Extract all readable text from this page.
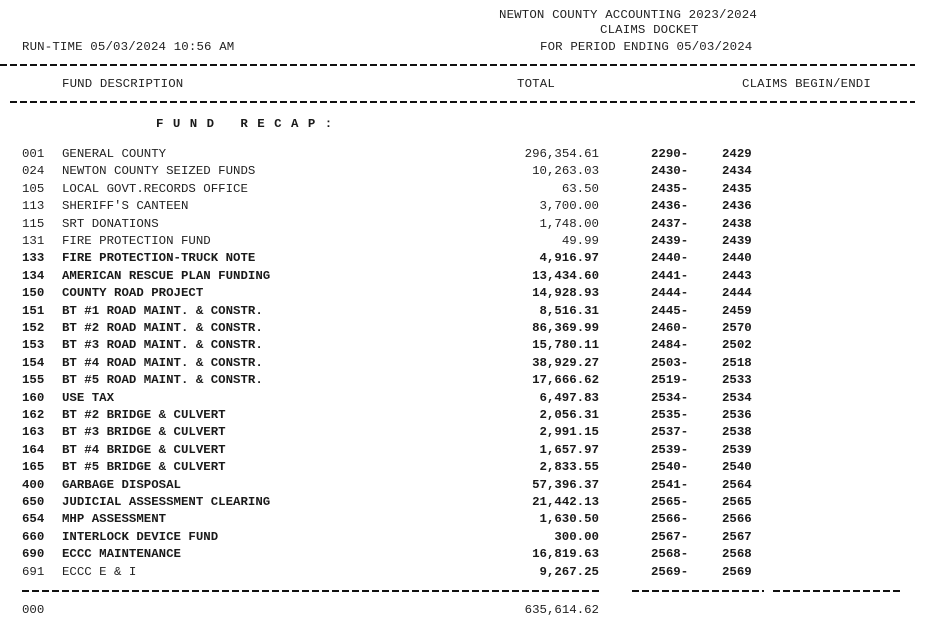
NEWTON COUNTY ACCOUNTING 2023/2024
CLAIMS DOCKET
RUN-TIME 05/03/2024 10:56 AM	FOR PERIOD ENDING 05/03/2024
FUND DESCRIPTION	TOTAL	CLAIMS BEGIN/ENDI
F U N D   R E C A P :
001 GENERAL COUNTY	296,354.61	2290-	2429
024 NEWTON COUNTY SEIZED FUNDS	10,263.03	2430-	2434
105 LOCAL GOVT.RECORDS OFFICE	63.50	2435-	2435
113 SHERIFF'S CANTEEN	3,700.00	2436-	2436
115 SRT DONATIONS	1,748.00	2437-	2438
131 FIRE PROTECTION FUND	49.99	2439-	2439
133 FIRE PROTECTION-TRUCK NOTE	4,916.97	2440-	2440
134 AMERICAN RESCUE PLAN FUNDING	13,434.60	2441-	2443
150 COUNTY ROAD PROJECT	14,928.93	2444-	2444
151 BT #1 ROAD MAINT. & CONSTR.	8,516.31	2445-	2459
152 BT #2 ROAD MAINT. & CONSTR.	86,369.99	2460-	2570
153 BT #3 ROAD MAINT. & CONSTR.	15,780.11	2484-	2502
154 BT #4 ROAD MAINT. & CONSTR.	38,929.27	2503-	2518
155 BT #5 ROAD MAINT. & CONSTR.	17,666.62	2519-	2533
160 USE TAX	6,497.83	2534-	2534
162 BT #2 BRIDGE & CULVERT	2,056.31	2535-	2536
163 BT #3 BRIDGE & CULVERT	2,991.15	2537-	2538
164 BT #4 BRIDGE & CULVERT	1,657.97	2539-	2539
165 BT #5 BRIDGE & CULVERT	2,833.55	2540-	2540
400 GARBAGE DISPOSAL	57,396.37	2541-	2564
650 JUDICIAL ASSESSMENT CLEARING	21,442.13	2565-	2565
654 MHP ASSESSMENT	1,630.50	2566-	2566
660 INTERLOCK DEVICE FUND	300.00	2567-	2567
690 ECCC MAINTENANCE	16,819.63	2568-	2568
691 ECCC E & I	9,267.25	2569-	2569
000	635,614.62
